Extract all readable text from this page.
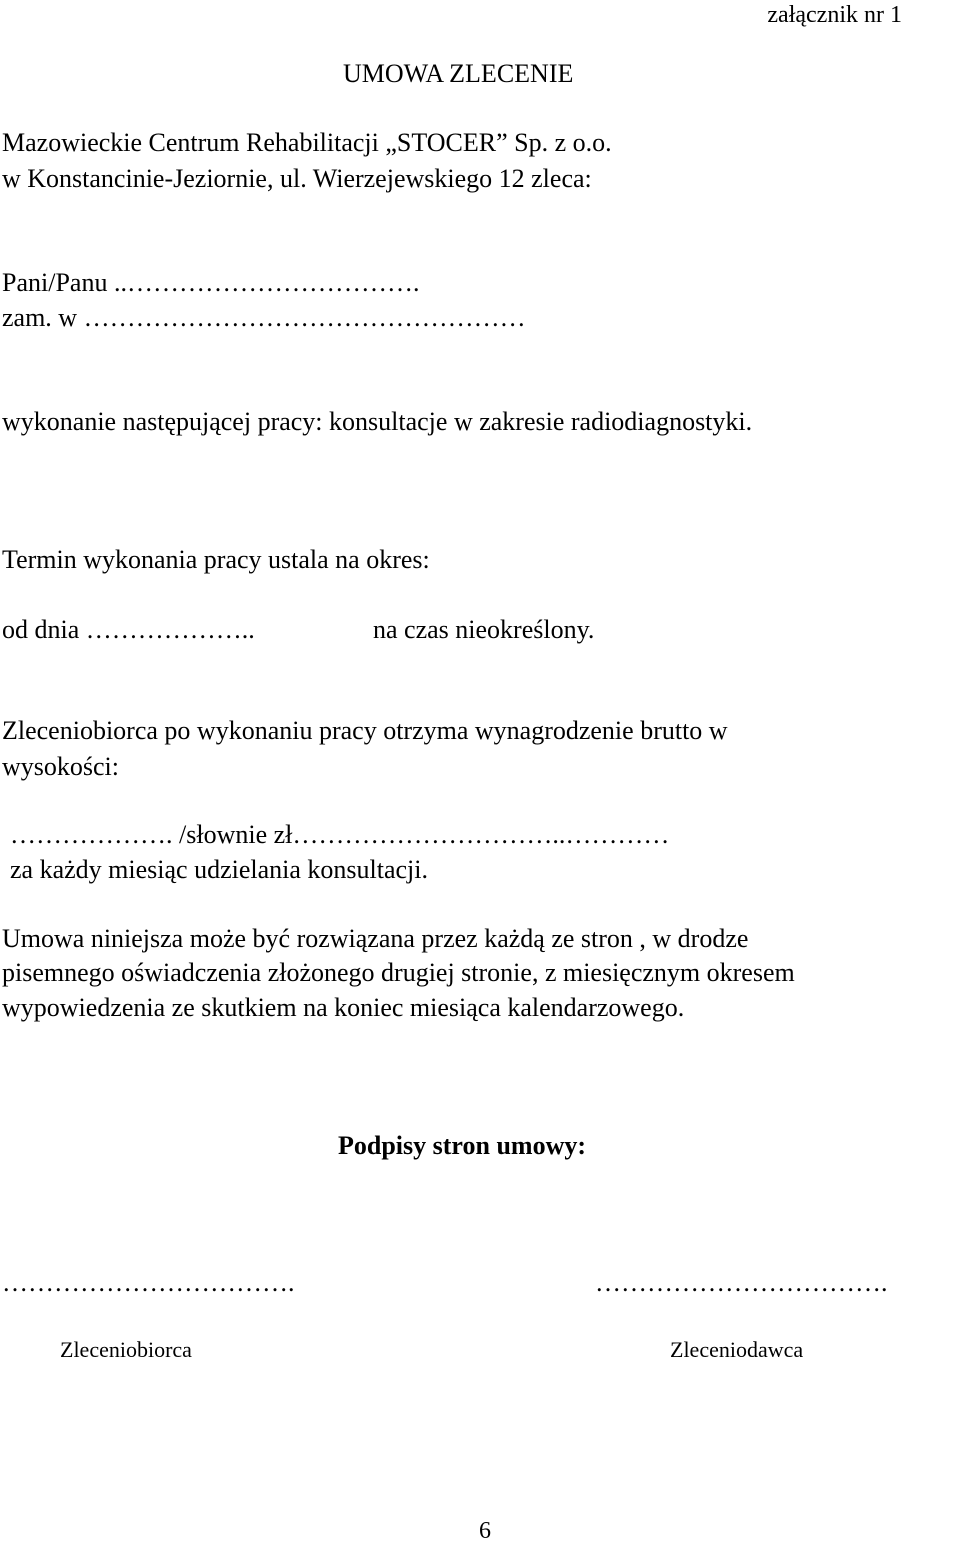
załącznik nr 1
UMOWA ZLECENIE
Mazowieckie Centrum Rehabilitacji „STOCER” Sp. z o.o.
w Konstancinie-Jeziornie, ul. Wierzejewskiego 12 zleca:
Pani/Panu ..…………………………….
zam. w ……………………………………………
wykonanie następującej pracy: konsultacje w zakresie radiodiagnostyki.
Termin wykonania pracy ustala na okres:
od dnia ………………..	na czas nieokreślony.
Zleceniobiorca po wykonaniu pracy otrzyma wynagrodzenie brutto w
wysokości:
………………. /słownie zł…………………………..…………
za każdy miesiąc udzielania konsultacji.
Umowa niniejsza może być rozwiązana przez każdą ze stron , w drodze
pisemnego oświadczenia złożonego drugiej stronie, z miesięcznym okresem
wypowiedzenia ze skutkiem na koniec miesiąca kalendarzowego.
Podpisy stron umowy:
…………………………….	…………………………….
Zleceniobiorca	Zleceniodawca
6
